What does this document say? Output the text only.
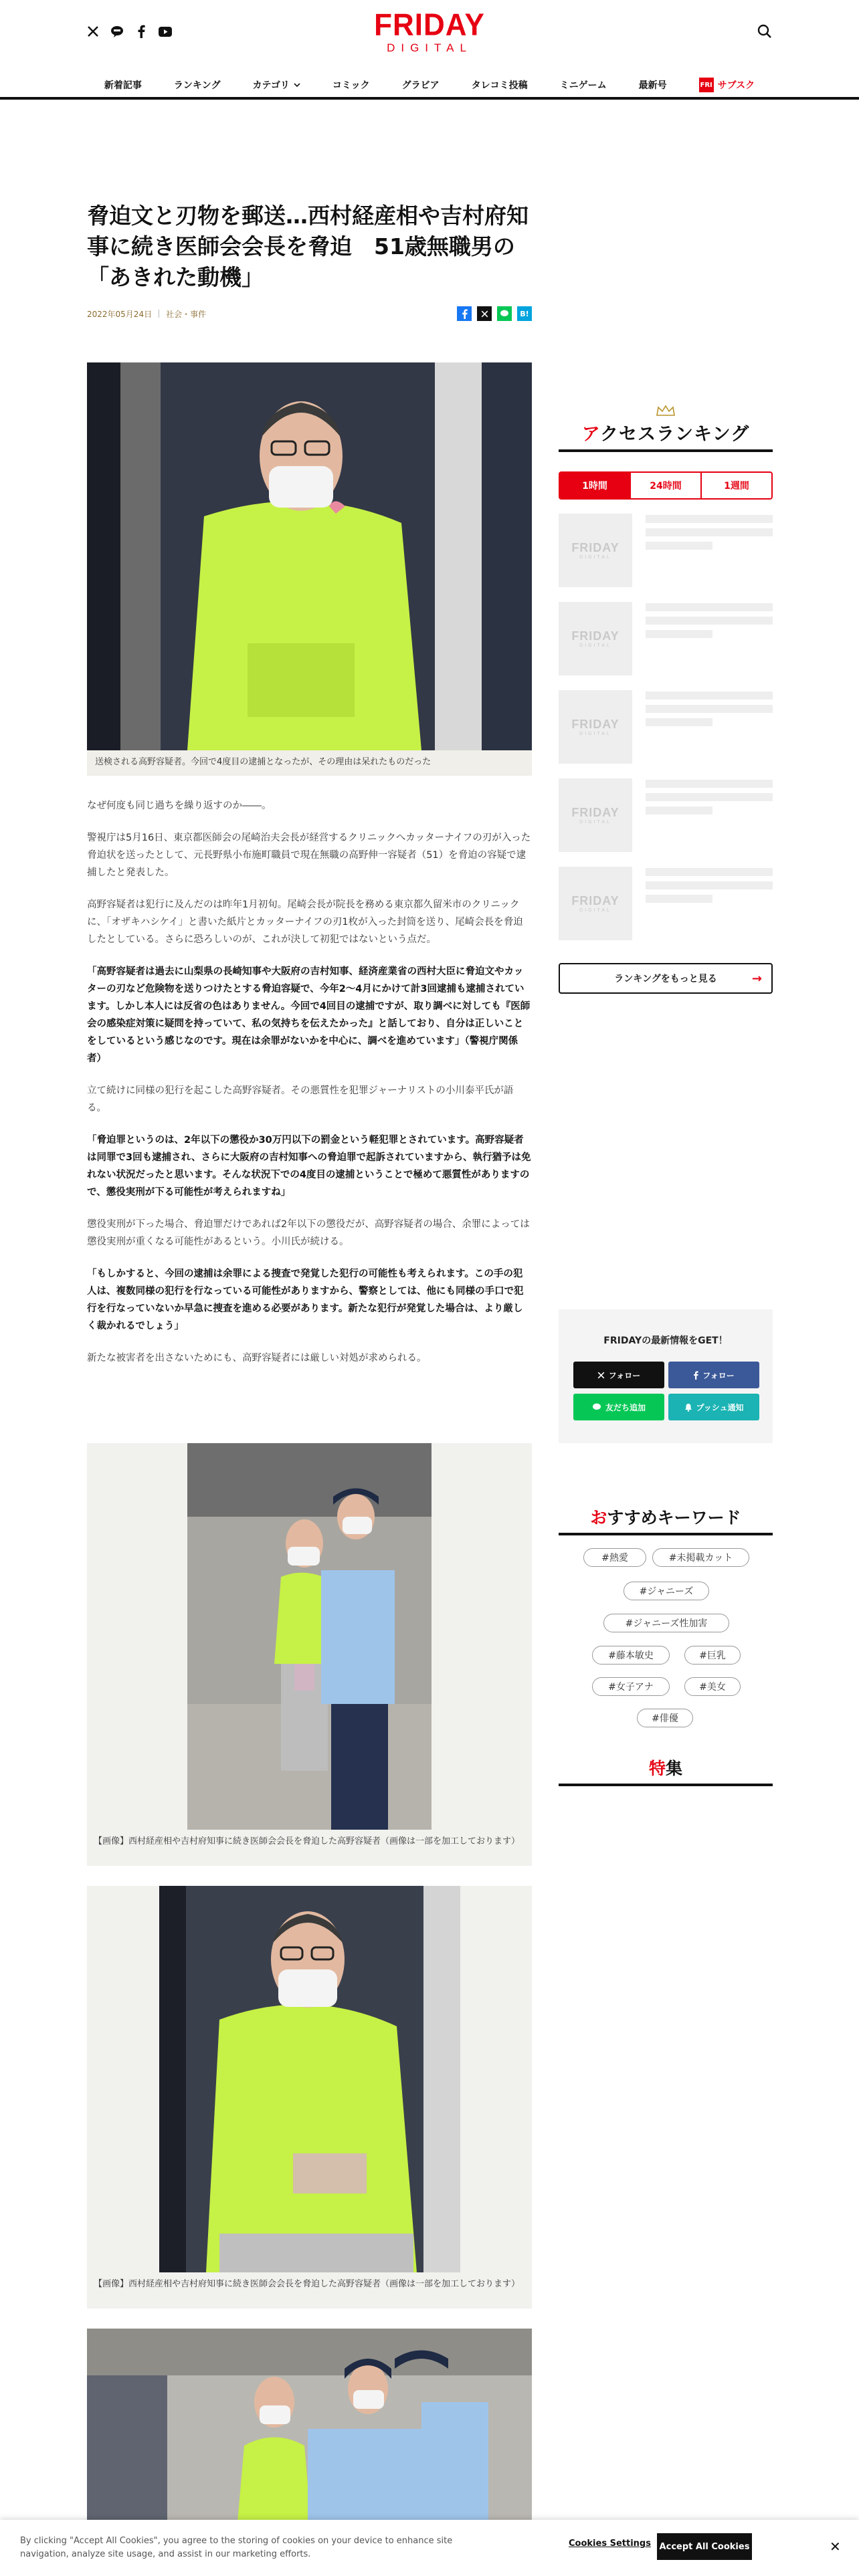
FRIDAY
DIGITAL
新着記事	ランキング	カテゴリ	コミック	グラビア	タレコミ投稿	ミニゲーム	最新号	FRI サブスク
脅迫文と刃物を郵送…西村経産相や吉村府知事に続き医師会会長を脅迫　51歳無職男の「あきれた動機」
2022年05月24日 社会・事件	B!
送検される高野容疑者。今回で4度目の逮捕となったが、その理由は呆れたものだった

なぜ何度も同じ過ちを繰り返すのか――。

警視庁は5月16日、東京都医師会の尾崎治夫会長が経営するクリニックへカッターナイフの刃が入った脅迫状を送ったとして、元長野県小布施町職員で現在無職の高野伸一容疑者（51）を脅迫の容疑で逮捕したと発表した。

高野容疑者は犯行に及んだのは昨年1月初旬。尾崎会長が院長を務める東京都久留米市のクリニックに、「オザキハシケイ」と書いた紙片とカッターナイフの刃1枚が入った封筒を送り、尾崎会長を脅迫したとしている。さらに恐ろしいのが、これが決して初犯ではないという点だ。

「高野容疑者は過去に山梨県の長崎知事や大阪府の吉村知事、経済産業省の西村大臣に脅迫文やカッターの刃など危険物を送りつけたとする脅迫容疑で、今年2～4月にかけて計3回逮捕も逮捕されています。しかし本人には反省の色はありません。今回で4回目の逮捕ですが、取り調べに対しても『医師会の感染症対策に疑問を持っていて、私の気持ちを伝えたかった』と話しており、自分は正しいことをしているという感じなのです。現在は余罪がないかを中心に、調べを進めています」（警視庁関係者）

立て続けに同様の犯行を起こした高野容疑者。その悪質性を犯罪ジャーナリストの小川泰平氏が語る。

「脅迫罪というのは、2年以下の懲役か30万円以下の罰金という軽犯罪とされています。高野容疑者は同罪で3回も逮捕され、さらに大阪府の吉村知事への脅迫罪で起訴されていますから、執行猶予は免れない状況だったと思います。そんな状況下での4度目の逮捕ということで極めて悪質性がありますので、懲役実刑が下る可能性が考えられますね」

懲役実刑が下った場合、脅迫罪だけであれば2年以下の懲役だが、高野容疑者の場合、余罪によっては懲役実刑が重くなる可能性があるという。小川氏が続ける。

「もしかすると、今回の逮捕は余罪による捜査で発覚した犯行の可能性も考えられます。この手の犯人は、複数同様の犯行を行なっている可能性がありますから、警察としては、他にも同様の手口で犯行を行なっていないか早急に捜査を進める必要があります。新たな犯行が発覚した場合は、より厳しく裁かれるでしょう」

新たな被害者を出さないためにも、高野容疑者には厳しい対処が求められる。

【画像】西村経産相や吉村府知事に続き医師会会長を脅迫した高野容疑者（画像は一部を加工しております）
【画像】西村経産相や吉村府知事に続き医師会会長を脅迫した高野容疑者（画像は一部を加工しております）
アクセスランキング
1時間	24時間	1週間
FRIDAY
DIGITAL
FRIDAY
DIGITAL
FRIDAY
DIGITAL
FRIDAY
DIGITAL
FRIDAY
DIGITAL
ランキングをもっと見る	→
FRIDAYの最新情報をGET！
フォロー	フォロー
友だち追加	プッシュ通知
おすすめキーワード
#熱愛	#未掲載カット
#ジャニーズ
#ジャニーズ性加害
#藤本敏史	#巨乳
#女子アナ	#美女
#俳優
特集
By clicking "Accept All Cookies", you agree to the storing of cookies on your device to enhance site navigation, analyze site usage, and assist in our marketing efforts.
Cookies Settings Accept All Cookies	✕
